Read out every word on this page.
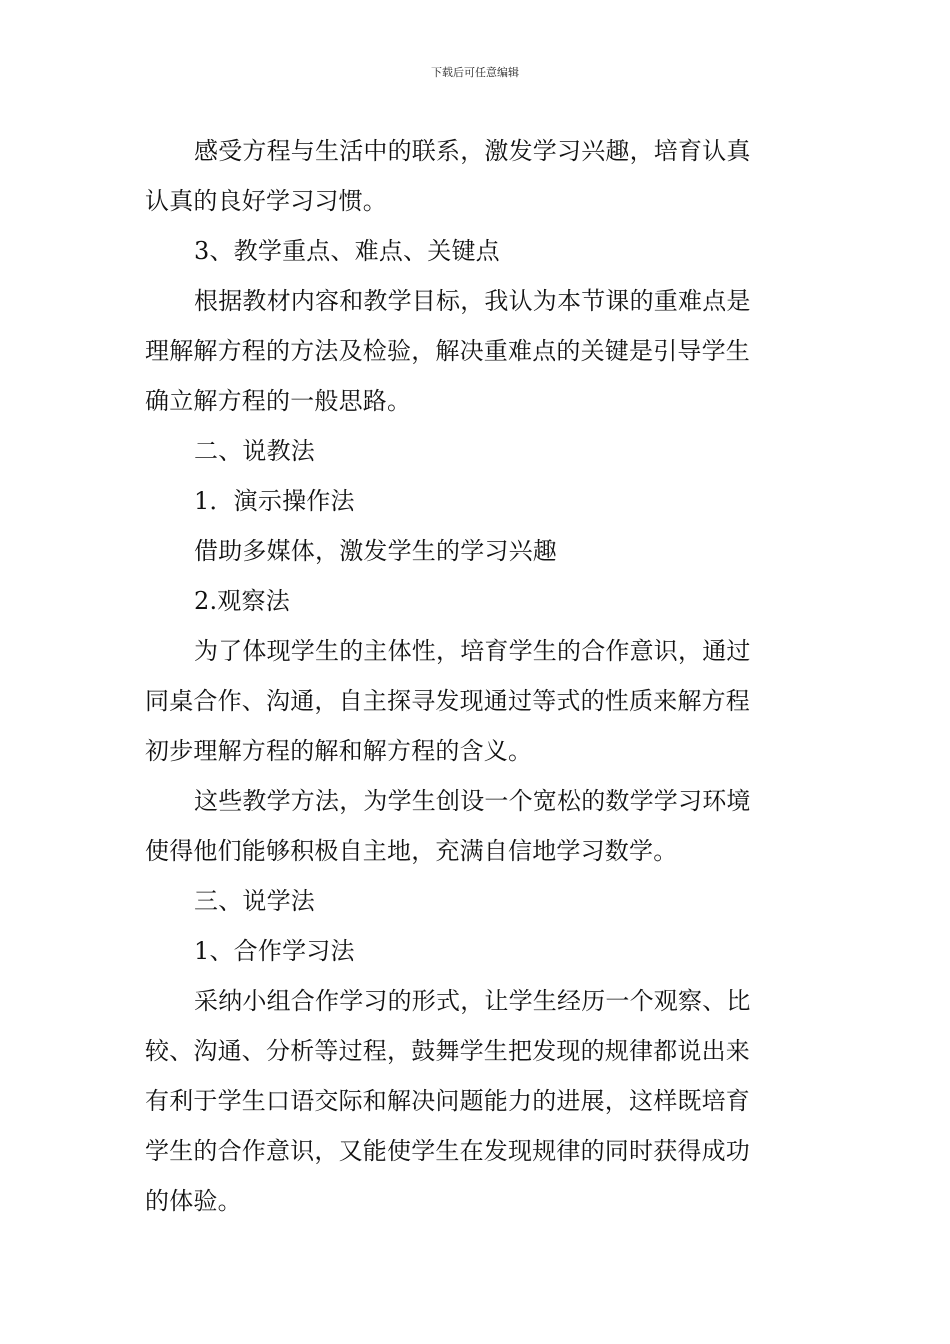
下载后可任意编辑
感受方程与生活中的联系，激发学习兴趣，培育认真
认真的良好学习习惯。
3、教学重点、难点、关键点
根据教材内容和教学目标，我认为本节课的重难点是
理解解方程的方法及检验，解决重难点的关键是引导学生
确立解方程的一般思路。
二、说教法
1．演示操作法
借助多媒体，激发学生的学习兴趣
2.观察法
为了体现学生的主体性，培育学生的合作意识，通过
同桌合作、沟通，自主探寻发现通过等式的性质来解方程
初步理解方程的解和解方程的含义。
这些教学方法，为学生创设一个宽松的数学学习环境
使得他们能够积极自主地，充满自信地学习数学。
三、说学法
1、合作学习法
采纳小组合作学习的形式，让学生经历一个观察、比
较、沟通、分析等过程，鼓舞学生把发现的规律都说出来
有利于学生口语交际和解决问题能力的进展，这样既培育
学生的合作意识，又能使学生在发现规律的同时获得成功
的体验。
